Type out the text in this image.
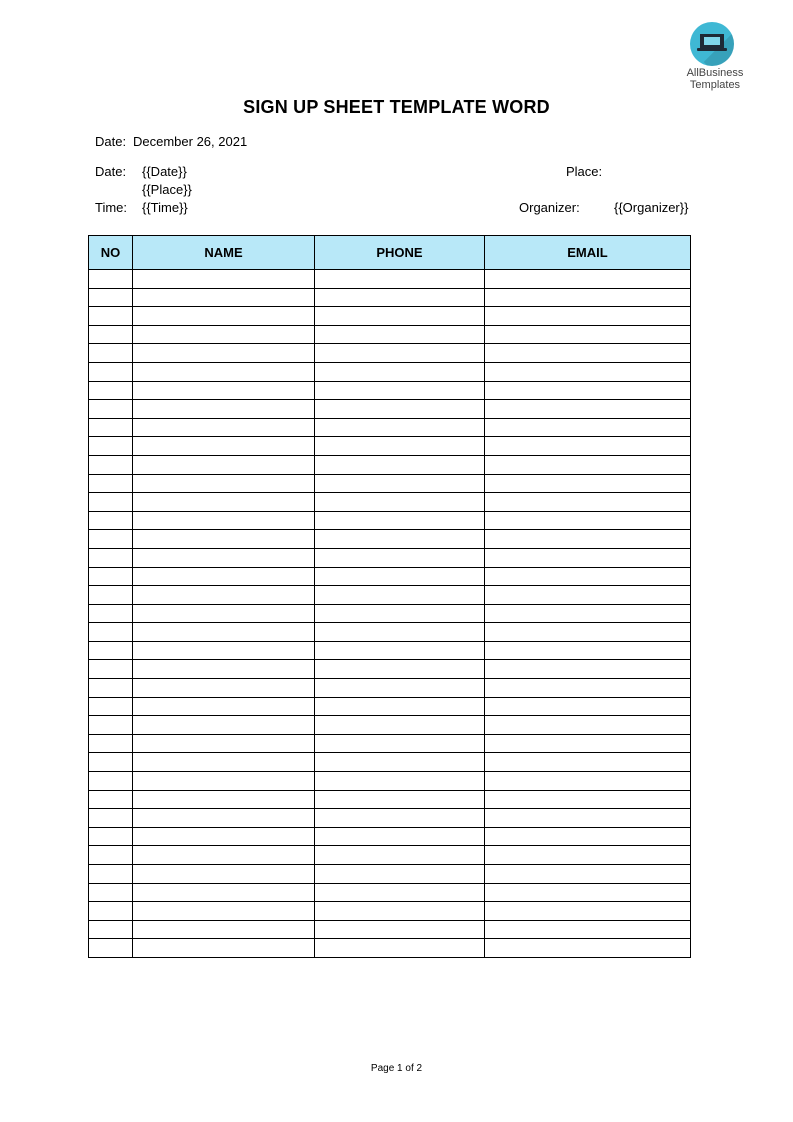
AllBusiness
Templates
SIGN UP SHEET TEMPLATE WORD
Date: December 26, 2021
Date: {{Date}}	Place:
{{Place}}
Time: {{Time}}	Organizer:	{{Organizer}}
NO	NAME	PHONE	EMAIL

Page 1 of 2
